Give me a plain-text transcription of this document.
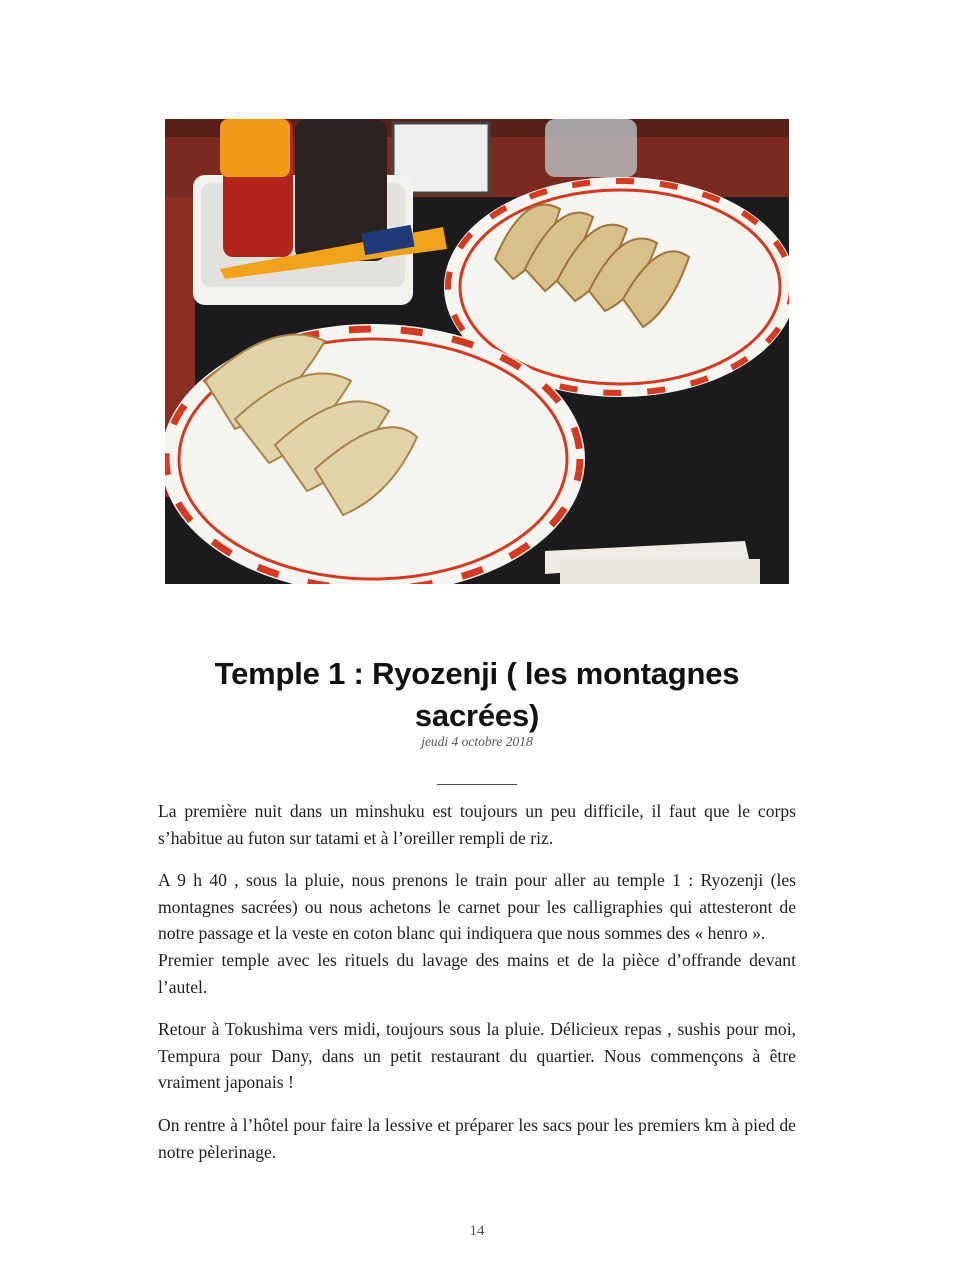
Temple 1 : Ryozenji ( les montagnes
sacrées)
jeudi 4 octobre 2018
__________

La première nuit dans un minshuku est toujours un peu difficile, il faut que le corps s’habitue au futon sur tatami et à l’oreiller rempli de riz.

A 9 h 40 , sous la pluie, nous prenons le train pour aller au temple 1 : Ryozenji (les montagnes sacrées) ou nous achetons le carnet pour les calligraphies qui attesteront de notre passage et la veste en coton blanc qui indiquera que nous sommes des « henro ».

Premier temple avec les rituels du lavage des mains et de la pièce d’offrande devant l’autel.

Retour à Tokushima vers midi, toujours sous la pluie. Délicieux repas , sushis pour moi, Tempura pour Dany, dans un petit restaurant du quartier. Nous commençons à être vraiment japonais !

On rentre à l’hôtel pour faire la lessive et préparer les sacs pour les premiers km à pied de notre pèlerinage.

14
